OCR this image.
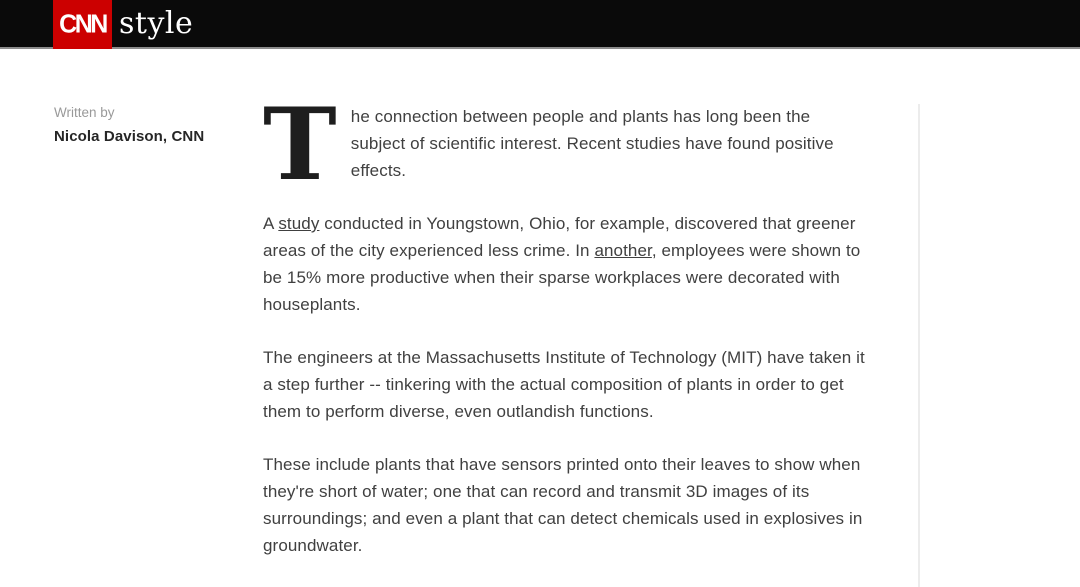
CNN style
Written by
Nicola Davison, CNN The connection between people and plants has long been the subject of scientific interest. Recent studies have found positive effects.

A study conducted in Youngstown, Ohio, for example, discovered that greener areas of the city experienced less crime. In another, employees were shown to be 15% more productive when their sparse workplaces were decorated with houseplants.

The engineers at the Massachusetts Institute of Technology (MIT) have taken it a step further -- tinkering with the actual composition of plants in order to get them to perform diverse, even outlandish functions.

These include plants that have sensors printed onto their leaves to show when they're short of water; one that can record and transmit 3D images of its surroundings; and even a plant that can detect chemicals used in explosives in groundwater.
